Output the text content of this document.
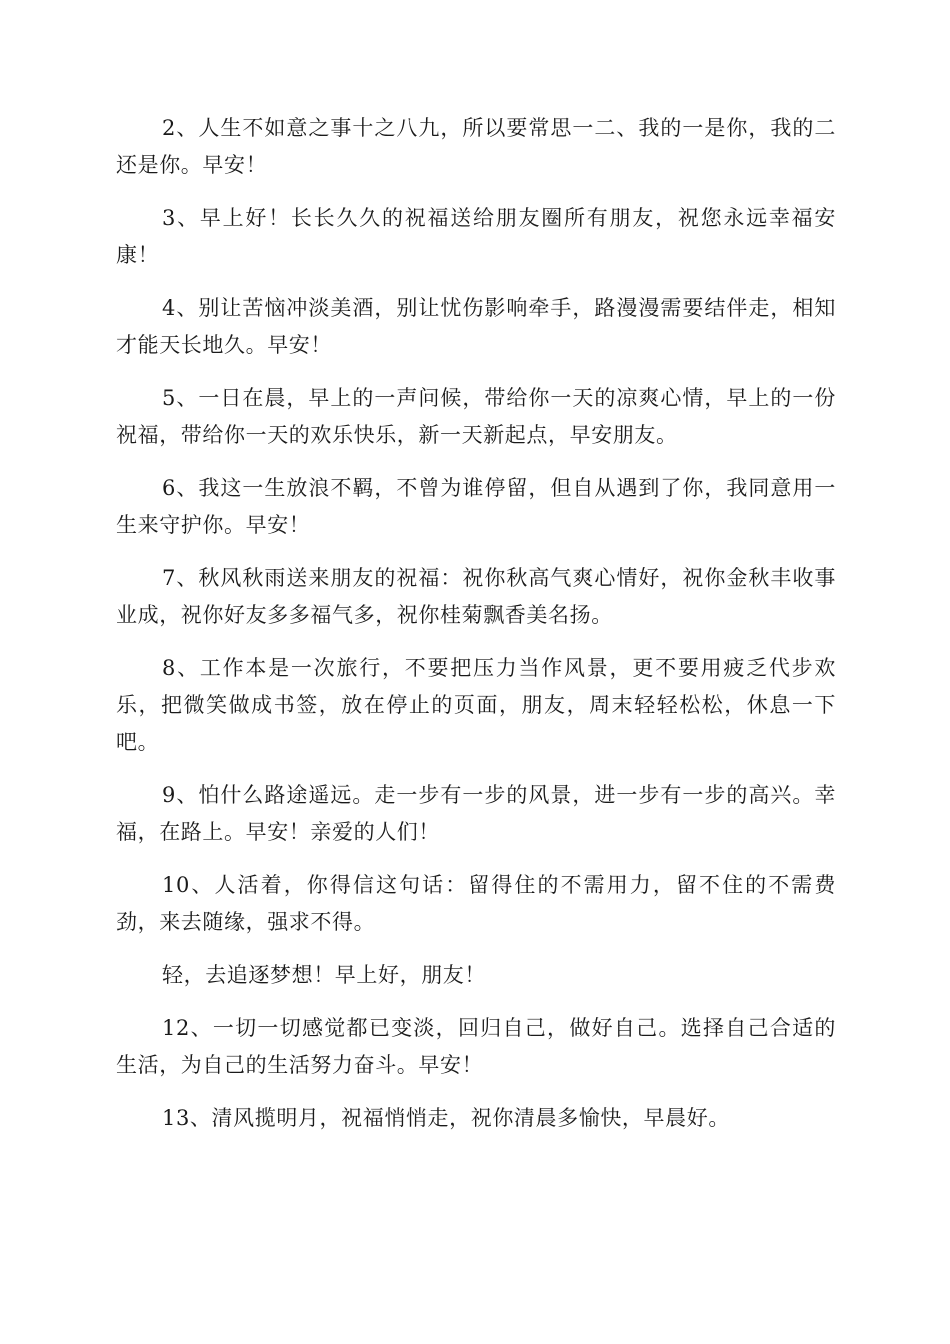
2、人生不如意之事十之八九，所以要常思一二、我的一是你，我的二还是你。早安！

3、早上好！长长久久的祝福送给朋友圈所有朋友，祝您永远幸福安康！

4、别让苦恼冲淡美酒，别让忧伤影响牵手，路漫漫需要结伴走，相知才能天长地久。早安！

5、一日在晨，早上的一声问候，带给你一天的凉爽心情，早上的一份祝福，带给你一天的欢乐快乐，新一天新起点，早安朋友。

6、我这一生放浪不羁，不曾为谁停留，但自从遇到了你，我同意用一生来守护你。早安！

7、秋风秋雨送来朋友的祝福：祝你秋高气爽心情好，祝你金秋丰收事业成，祝你好友多多福气多，祝你桂菊飘香美名扬。

8、工作本是一次旅行，不要把压力当作风景，更不要用疲乏代步欢乐，把微笑做成书签，放在停止的页面，朋友，周末轻轻松松，休息一下吧。

9、怕什么路途遥远。走一步有一步的风景，进一步有一步的高兴。幸福，在路上。早安！亲爱的人们！

10、人活着，你得信这句话：留得住的不需用力，留不住的不需费劲，来去随缘，强求不得。

轻，去追逐梦想！早上好，朋友！

12、一切一切感觉都已变淡，回归自己，做好自己。选择自己合适的生活，为自己的生活努力奋斗。早安！

13、清风揽明月，祝福悄悄走，祝你清晨多愉快，早晨好。
